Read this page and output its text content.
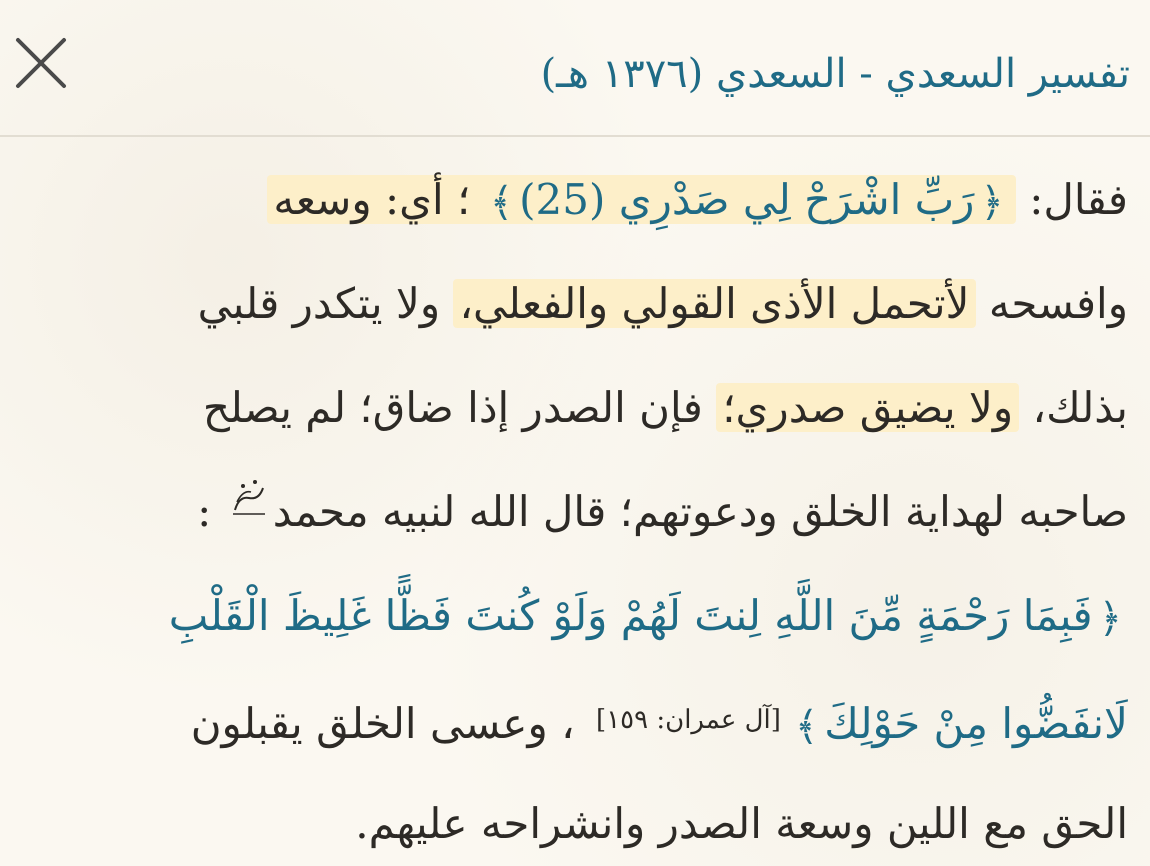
تفسير السعدي - السعدي (١٣٧٦ هـ)
فقال: ﴿رَبِّ اشْرَحْ لِي صَدْرِي (25)﴾ ؛ أي: وسعه
وافسحه لأتحمل الأذى القولي والفعلي، ولا يتكدر قلبي
بذلك، ولا يضيق صدري؛ فإن الصدر إذا ضاق؛ لم يصلح
صاحبه لهداية الخلق ودعوتهم؛ قال الله لنبيه محمد :
﴿فَبِمَا رَحْمَةٍ مِّنَ اللَّهِ لِنتَ لَهُمْ وَلَوْ كُنتَ فَظًّا غَلِيظَ الْقَلْبِ
لَانفَضُّوا مِنْ حَوْلِكَ﴾[آل عمران: ١٥٩] ، وعسى الخلق يقبلون
الحق مع اللين وسعة الصدر وانشراحه عليهم.
